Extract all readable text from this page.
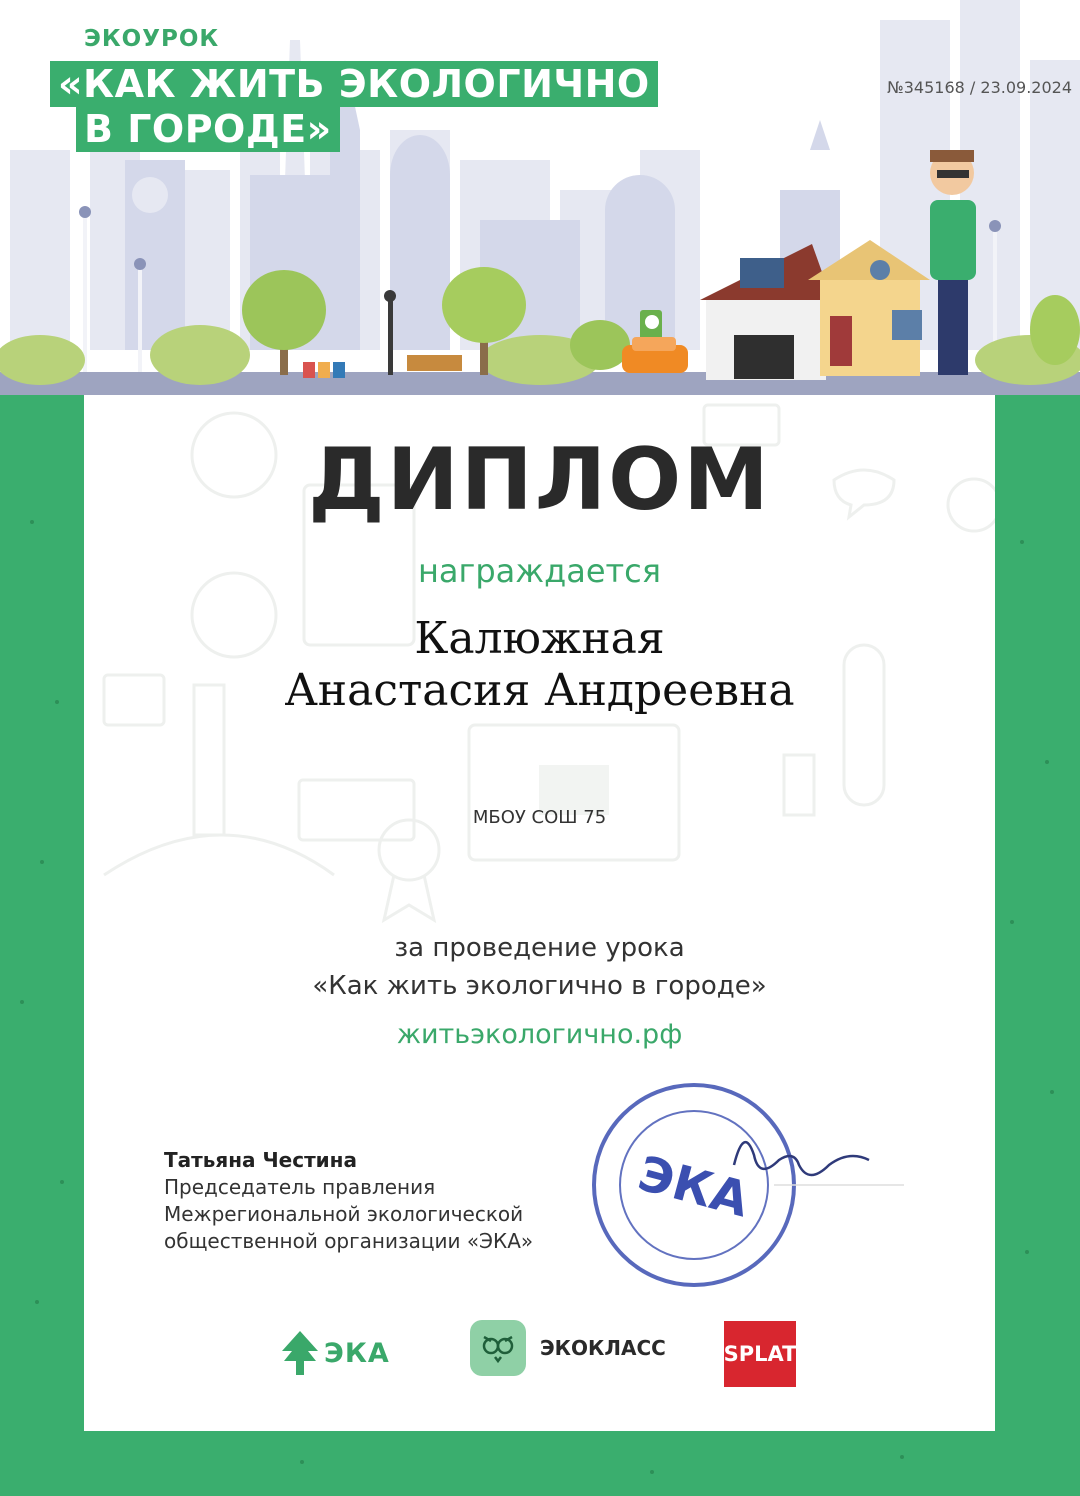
ЭКОУРОК
«КАК ЖИТЬ ЭКОЛОГИЧНО
В ГОРОДЕ»
№345168 / 23.09.2024
ДИПЛОМ
награждается
Калюжная
Анастасия Андреевна
МБОУ СОШ 75
за проведение урока
«Как жить экологично в городе»
житьэкологично.рф
Татьяна Честина
Председатель правления
Межрегиональной экологической
общественной организации «ЭКА»
ЭКА
ЭКА	ЭКОКЛАСС	SPLAT
